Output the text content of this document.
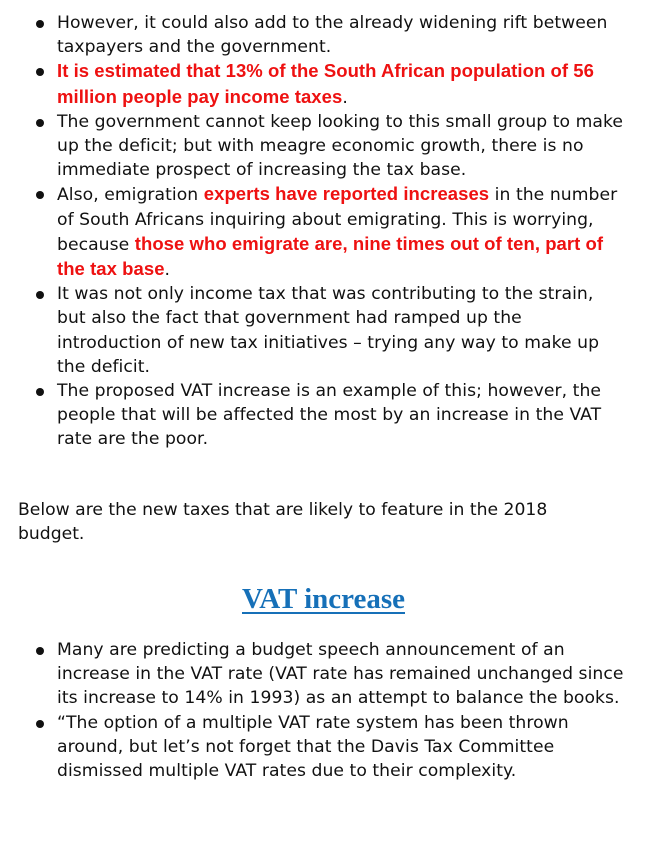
However, it could also add to the already widening rift between taxpayers and the government.
It is estimated that 13% of the South African population of 56 million people pay income taxes.
The government cannot keep looking to this small group to make up the deficit; but with meagre economic growth, there is no immediate prospect of increasing the tax base.
Also, emigration experts have reported increases in the number of South Africans inquiring about emigrating. This is worrying, because those who emigrate are, nine times out of ten, part of the tax base.
It was not only income tax that was contributing to the strain, but also the fact that government had ramped up the introduction of new tax initiatives – trying any way to make up the deficit.
The proposed VAT increase is an example of this; however, the people that will be affected the most by an increase in the VAT rate are the poor.

Below are the new taxes that are likely to feature in the 2018 budget.

VAT increase
Many are predicting a budget speech announcement of an increase in the VAT rate (VAT rate has remained unchanged since its increase to 14% in 1993) as an attempt to balance the books.
“The option of a multiple VAT rate system has been thrown around, but let’s not forget that the Davis Tax Committee dismissed multiple VAT rates due to their complexity.
